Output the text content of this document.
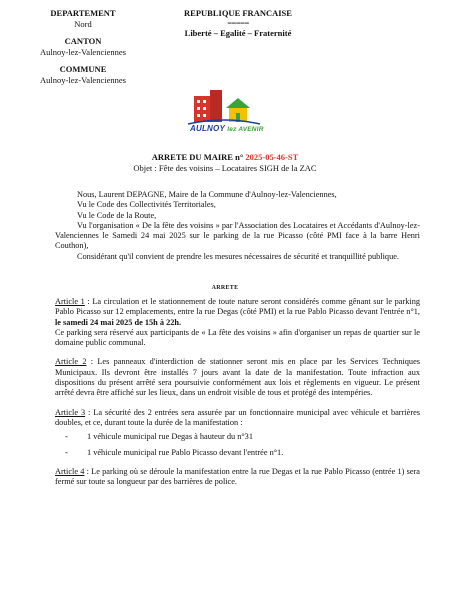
DEPARTEMENT
Nord
CANTON
Aulnoy-lez-Valenciennes
COMMUNE
Aulnoy-lez-Valenciennes
REPUBLIQUE FRANCAISE
=====
Liberté – Egalité – Fraternité
AULNOY lez AVENIR
ARRETE DU MAIRE n° 2025-05-46-ST
Objet : Fête des voisins – Locataires SIGH de la ZAC

Nous, Laurent DEPAGNE, Maire de la Commune d'Aulnoy-lez-Valenciennes,

Vu le Code des Collectivités Territoriales,

Vu le Code de la Route,

Vu l'organisation « De la fête des voisins » par l'Association des Locataires et Accédants d'Aulnoy-lez-Valenciennes le Samedi 24 mai 2025 sur le parking de la rue Picasso (côté PMI face à la barre Henri Couthon),

Considérant qu'il convient de prendre les mesures nécessaires de sécurité et tranquillité publique.

ARRETE

Article 1 : La circulation et le stationnement de toute nature seront considérés comme gênant sur le parking Pablo Picasso sur 12 emplacements, entre la rue Degas (côté PMI) et la rue Pablo Picasso devant l'entrée n°1, le samedi 24 mai 2025 de 15h à 22h.
Ce parking sera réservé aux participants de « La fête des voisins » afin d'organiser un repas de quartier sur le domaine public communal.

Article 2 : Les panneaux d'interdiction de stationner seront mis en place par les Services Techniques Municipaux. Ils devront être installés 7 jours avant la date de la manifestation. Toute infraction aux dispositions du présent arrêté sera poursuivie conformément aux lois et règlements en vigueur. Le présent arrêté devra être affiché sur les lieux, dans un endroit visible de tous et protégé des intempéries.

Article 3 : La sécurité des 2 entrées sera assurée par un fonctionnaire municipal avec véhicule et barrières doubles, et ce, durant toute la durée de la manifestation :

- 1 véhicule municipal rue Degas à hauteur du n°31
- 1 véhicule municipal rue Pablo Picasso devant l'entrée n°1.

Article 4 : Le parking où se déroule la manifestation entre la rue Degas et la rue Pablo Picasso (entrée 1) sera fermé sur toute sa longueur par des barrières de police.
